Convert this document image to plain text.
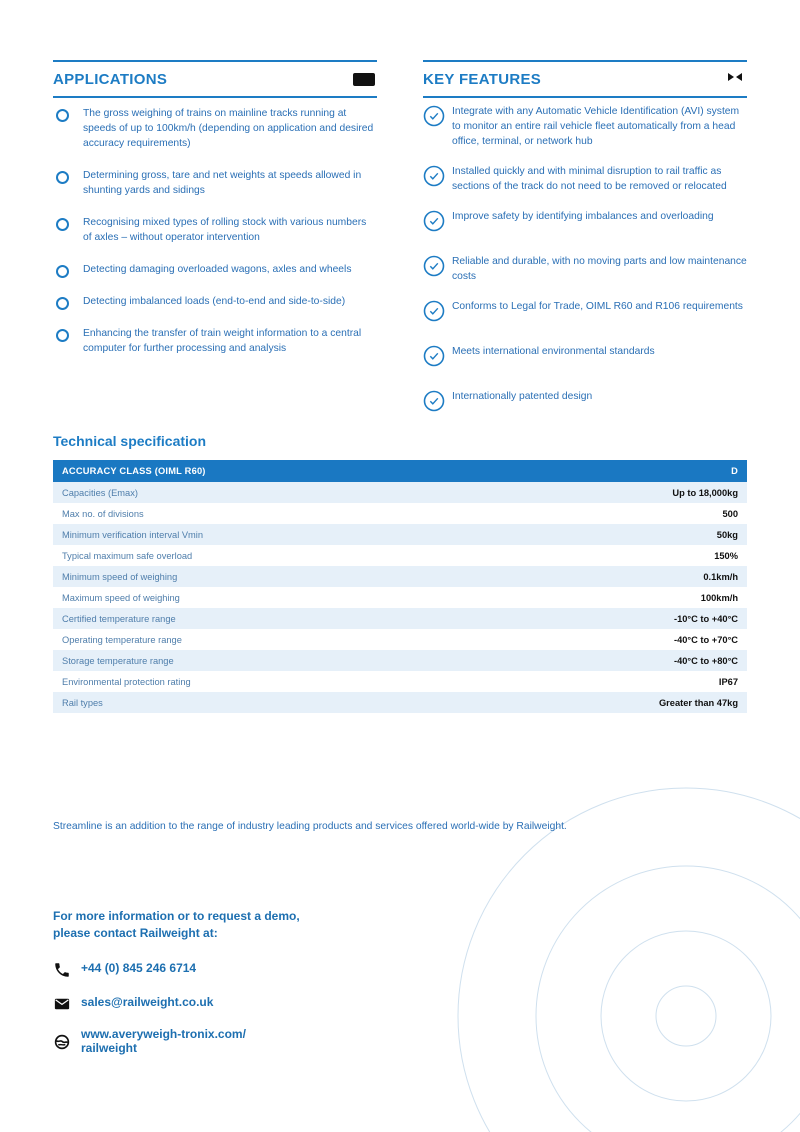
APPLICATIONS
The gross weighing of trains on mainline tracks running at speeds of up to 100km/h (depending on application and desired accuracy requirements)
Determining gross, tare and net weights at speeds allowed in shunting yards and sidings
Recognising mixed types of rolling stock with various numbers of axles – without operator intervention
Detecting damaging overloaded wagons, axles and wheels
Detecting imbalanced loads (end-to-end and side-to-side)
Enhancing the transfer of train weight information to a central computer for further processing and analysis
KEY FEATURES
Integrate with any Automatic Vehicle Identification (AVI) system to monitor an entire rail vehicle fleet automatically from a head office, terminal, or network hub
Installed quickly and with minimal disruption to rail traffic as sections of the track do not need to be removed or relocated
Improve safety by identifying imbalances and overloading
Reliable and durable, with no moving parts and low maintenance costs
Conforms to Legal for Trade, OIML R60 and R106 requirements
Meets international environmental standards
Internationally patented design
Technical specification
ACCURACY CLASS (OIML R60)	D
Capacities (Emax)	Up to 18,000kg
Max no. of divisions	500
Minimum verification interval Vmin	50kg
Typical maximum safe overload	150%
Minimum speed of weighing	0.1km/h
Maximum speed of weighing	100km/h
Certified temperature range	-10°C to +40°C
Operating temperature range	-40°C to +70°C
Storage temperature range	-40°C to +80°C
Environmental protection rating	IP67
Rail types	Greater than 47kg

Streamline is an addition to the range of industry leading products and services offered world-wide by Railweight.

For more information or to request a demo,
please contact Railweight at:
+44 (0) 845 246 6714
sales@railweight.co.uk
www.averyweigh-tronix.com/
railweight
